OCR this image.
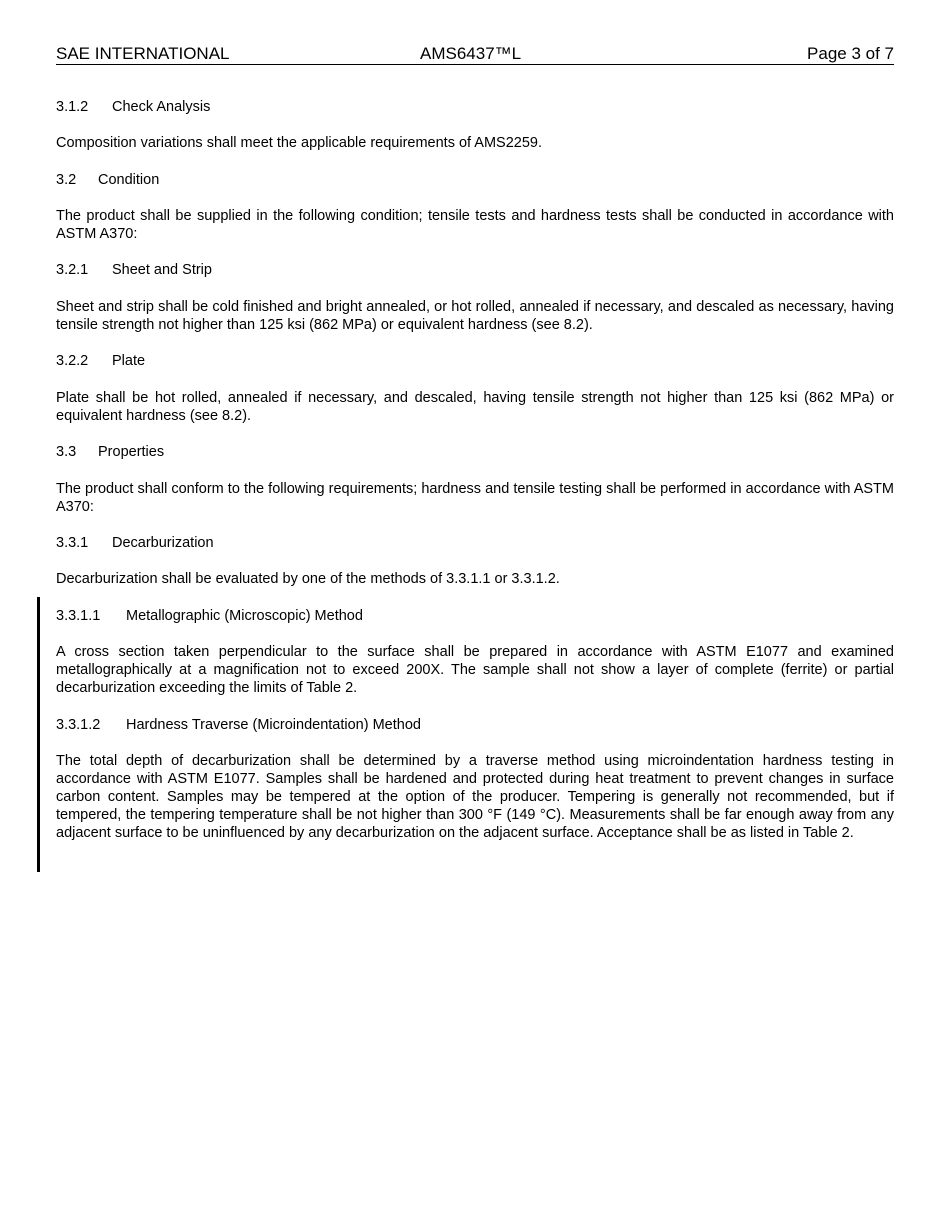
SAE INTERNATIONAL	AMS6437™L	Page 3 of 7
3.1.2 Check Analysis
Composition variations shall meet the applicable requirements of AMS2259.
3.2 Condition
The product shall be supplied in the following condition; tensile tests and hardness tests shall be conducted in accordance with ASTM A370:
3.2.1 Sheet and Strip
Sheet and strip shall be cold finished and bright annealed, or hot rolled, annealed if necessary, and descaled as necessary, having tensile strength not higher than 125 ksi (862 MPa) or equivalent hardness (see 8.2).
3.2.2 Plate
Plate shall be hot rolled, annealed if necessary, and descaled, having tensile strength not higher than 125 ksi (862 MPa) or equivalent hardness (see 8.2).
3.3 Properties
The product shall conform to the following requirements; hardness and tensile testing shall be performed in accordance with ASTM A370:
3.3.1 Decarburization
Decarburization shall be evaluated by one of the methods of 3.3.1.1 or 3.3.1.2.
3.3.1.1 Metallographic (Microscopic) Method
A cross section taken perpendicular to the surface shall be prepared in accordance with ASTM E1077 and examined metallographically at a magnification not to exceed 200X. The sample shall not show a layer of complete (ferrite) or partial decarburization exceeding the limits of Table 2.
3.3.1.2 Hardness Traverse (Microindentation) Method
The total depth of decarburization shall be determined by a traverse method using microindentation hardness testing in accordance with ASTM E1077. Samples shall be hardened and protected during heat treatment to prevent changes in surface carbon content. Samples may be tempered at the option of the producer. Tempering is generally not recommended, but if tempered, the tempering temperature shall be not higher than 300 °F (149 °C). Measurements shall be far enough away from any adjacent surface to be uninfluenced by any decarburization on the adjacent surface. Acceptance shall be as listed in Table 2.
